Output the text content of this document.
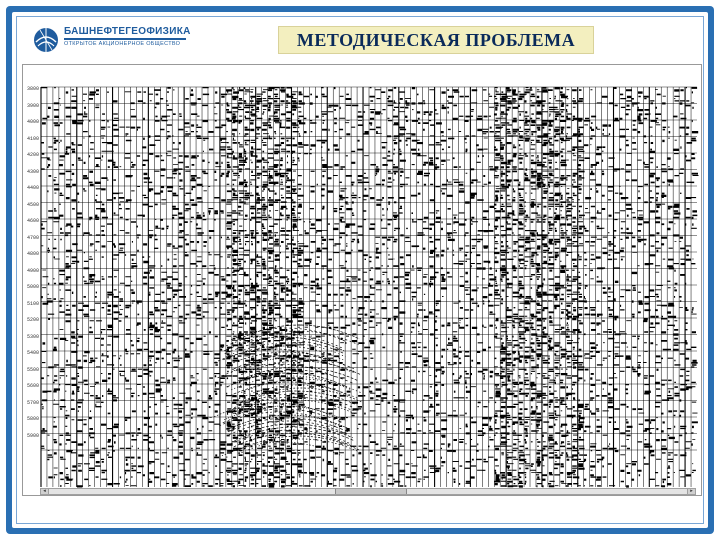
БАШНЕФТЕГЕОФИЗИКА
ОТКРЫТОЕ АКЦИОНЕРНОЕ ОБЩЕСТВО	МЕТОДИЧЕСКАЯ ПРОБЛЕМА
3800
3900
4000
4100
4200
4300
4400
4500
4600
4700
4800
4900
5000
5100
5200
5300
5400
5500
5600
5700
5800
5900
◂	▸
